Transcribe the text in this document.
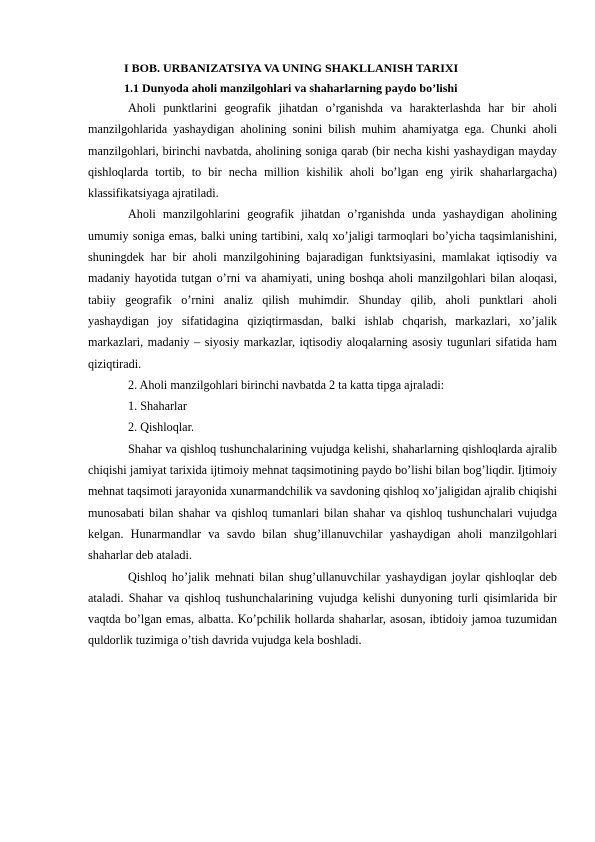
I BOB. URBANIZATSIYA VA UNING SHAKLLANISH TARIXI
1.1 Dunyoda aholi manzilgohlari va shaharlarning paydo bo’lishi

Aholi punktlarini geografik jihatdan o’rganishda va harakterlashda har bir aholi manzilgohlarida yashaydigan aholining sonini bilish muhim ahamiyatga ega. Chunki aholi manzilgohlari, birinchi navbatda, aholining soniga qarab (bir necha kishi yashaydigan mayday qishloqlarda tortib, to bir necha million kishilik aholi bo’lgan eng yirik shaharlargacha) klassifikatsiyaga ajratiladi.

Aholi manzilgohlarini geografik jihatdan o’rganishda unda yashaydigan aholining umumiy soniga emas, balki uning tartibini, xalq xo’jaligi tarmoqlari bo’yicha taqsimlanishini, shuningdek har bir aholi manzilgohining bajaradigan funktsiyasini, mamlakat iqtisodiy va madaniy hayotida tutgan o’rni va ahamiyati, uning boshqa aholi manzilgohlari bilan aloqasi, tabiiy geografik o’rnini analiz qilish muhimdir. Shunday qilib, aholi punktlari aholi yashaydigan joy sifatidagina qiziqtirmasdan, balki ishlab chqarish, markazlari, xo’jalik markazlari, madaniy – siyosiy markazlar, iqtisodiy aloqalarning asosiy tugunlari sifatida ham qiziqtiradi.

2. Aholi manzilgohlari birinchi navbatda 2 ta katta tipga ajraladi:

1. Shaharlar

2. Qishloqlar.

Shahar va qishloq tushunchalarining vujudga kelishi, shaharlarning qishloqlarda ajralib chiqishi jamiyat tarixida ijtimoiy mehnat taqsimotining paydo bo’lishi bilan bog’liqdir. Ijtimoiy mehnat taqsimoti jarayonida xunarmandchilik va savdoning qishloq xo’jaligidan ajralib chiqishi munosabati bilan shahar va qishloq tumanlari bilan shahar va qishloq tushunchalari vujudga kelgan. Hunarmandlar va savdo bilan shug’illanuvchilar yashaydigan aholi manzilgohlari shaharlar deb ataladi.

Qishloq ho’jalik mehnati bilan shug’ullanuvchilar yashaydigan joylar qishloqlar deb ataladi. Shahar va qishloq tushunchalarining vujudga kelishi dunyoning turli qisimlarida bir vaqtda bo’lgan emas, albatta. Ko’pchilik hollarda shaharlar, asosan, ibtidoiy jamoa tuzumidan quldorlik tuzimiga o’tish davrida vujudga kela boshladi.
